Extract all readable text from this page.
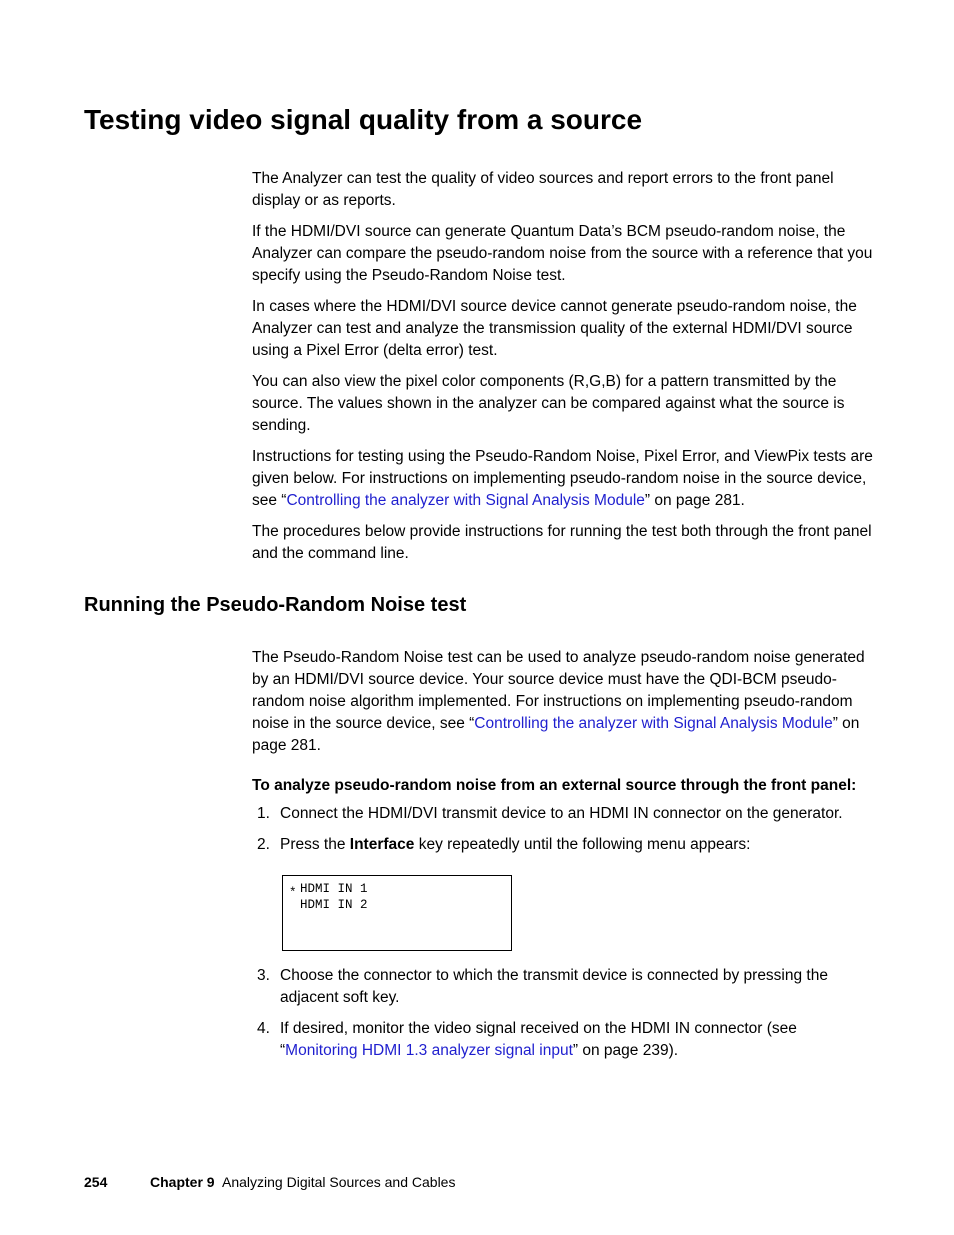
Testing video signal quality from a source

The Analyzer can test the quality of video sources and report errors to the front panel display or as reports.

If the HDMI/DVI source can generate Quantum Data’s BCM pseudo-random noise, the Analyzer can compare the pseudo-random noise from the source with a reference that you specify using the Pseudo-Random Noise test.

In cases where the HDMI/DVI source device cannot generate pseudo-random noise, the Analyzer can test and analyze the transmission quality of the external HDMI/DVI source using a Pixel Error (delta error) test.

You can also view the pixel color components (R,G,B) for a pattern transmitted by the source. The values shown in the analyzer can be compared against what the source is sending.

Instructions for testing using the Pseudo-Random Noise, Pixel Error, and ViewPix tests are given below. For instructions on implementing pseudo-random noise in the source device, see “Controlling the analyzer with Signal Analysis Module” on page 281.

The procedures below provide instructions for running the test both through the front panel and the command line.

Running the Pseudo-Random Noise test

The Pseudo-Random Noise test can be used to analyze pseudo-random noise generated by an HDMI/DVI source device. Your source device must have the QDI-BCM pseudo-random noise algorithm implemented. For instructions on implementing pseudo-random noise in the source device, see “Controlling the analyzer with Signal Analysis Module” on page 281.

To analyze pseudo-random noise from an external source through the front panel:

1. Connect the HDMI/DVI transmit device to an HDMI IN connector on the generator.
2. Press the Interface key repeatedly until the following menu appears:
* HDMI IN 1
HDMI IN 2
3. Choose the connector to which the transmit device is connected by pressing the adjacent soft key.
4. If desired, monitor the video signal received on the HDMI IN connector (see “Monitoring HDMI 1.3 analyzer signal input” on page 239).
254	Chapter 9 Analyzing Digital Sources and Cables
